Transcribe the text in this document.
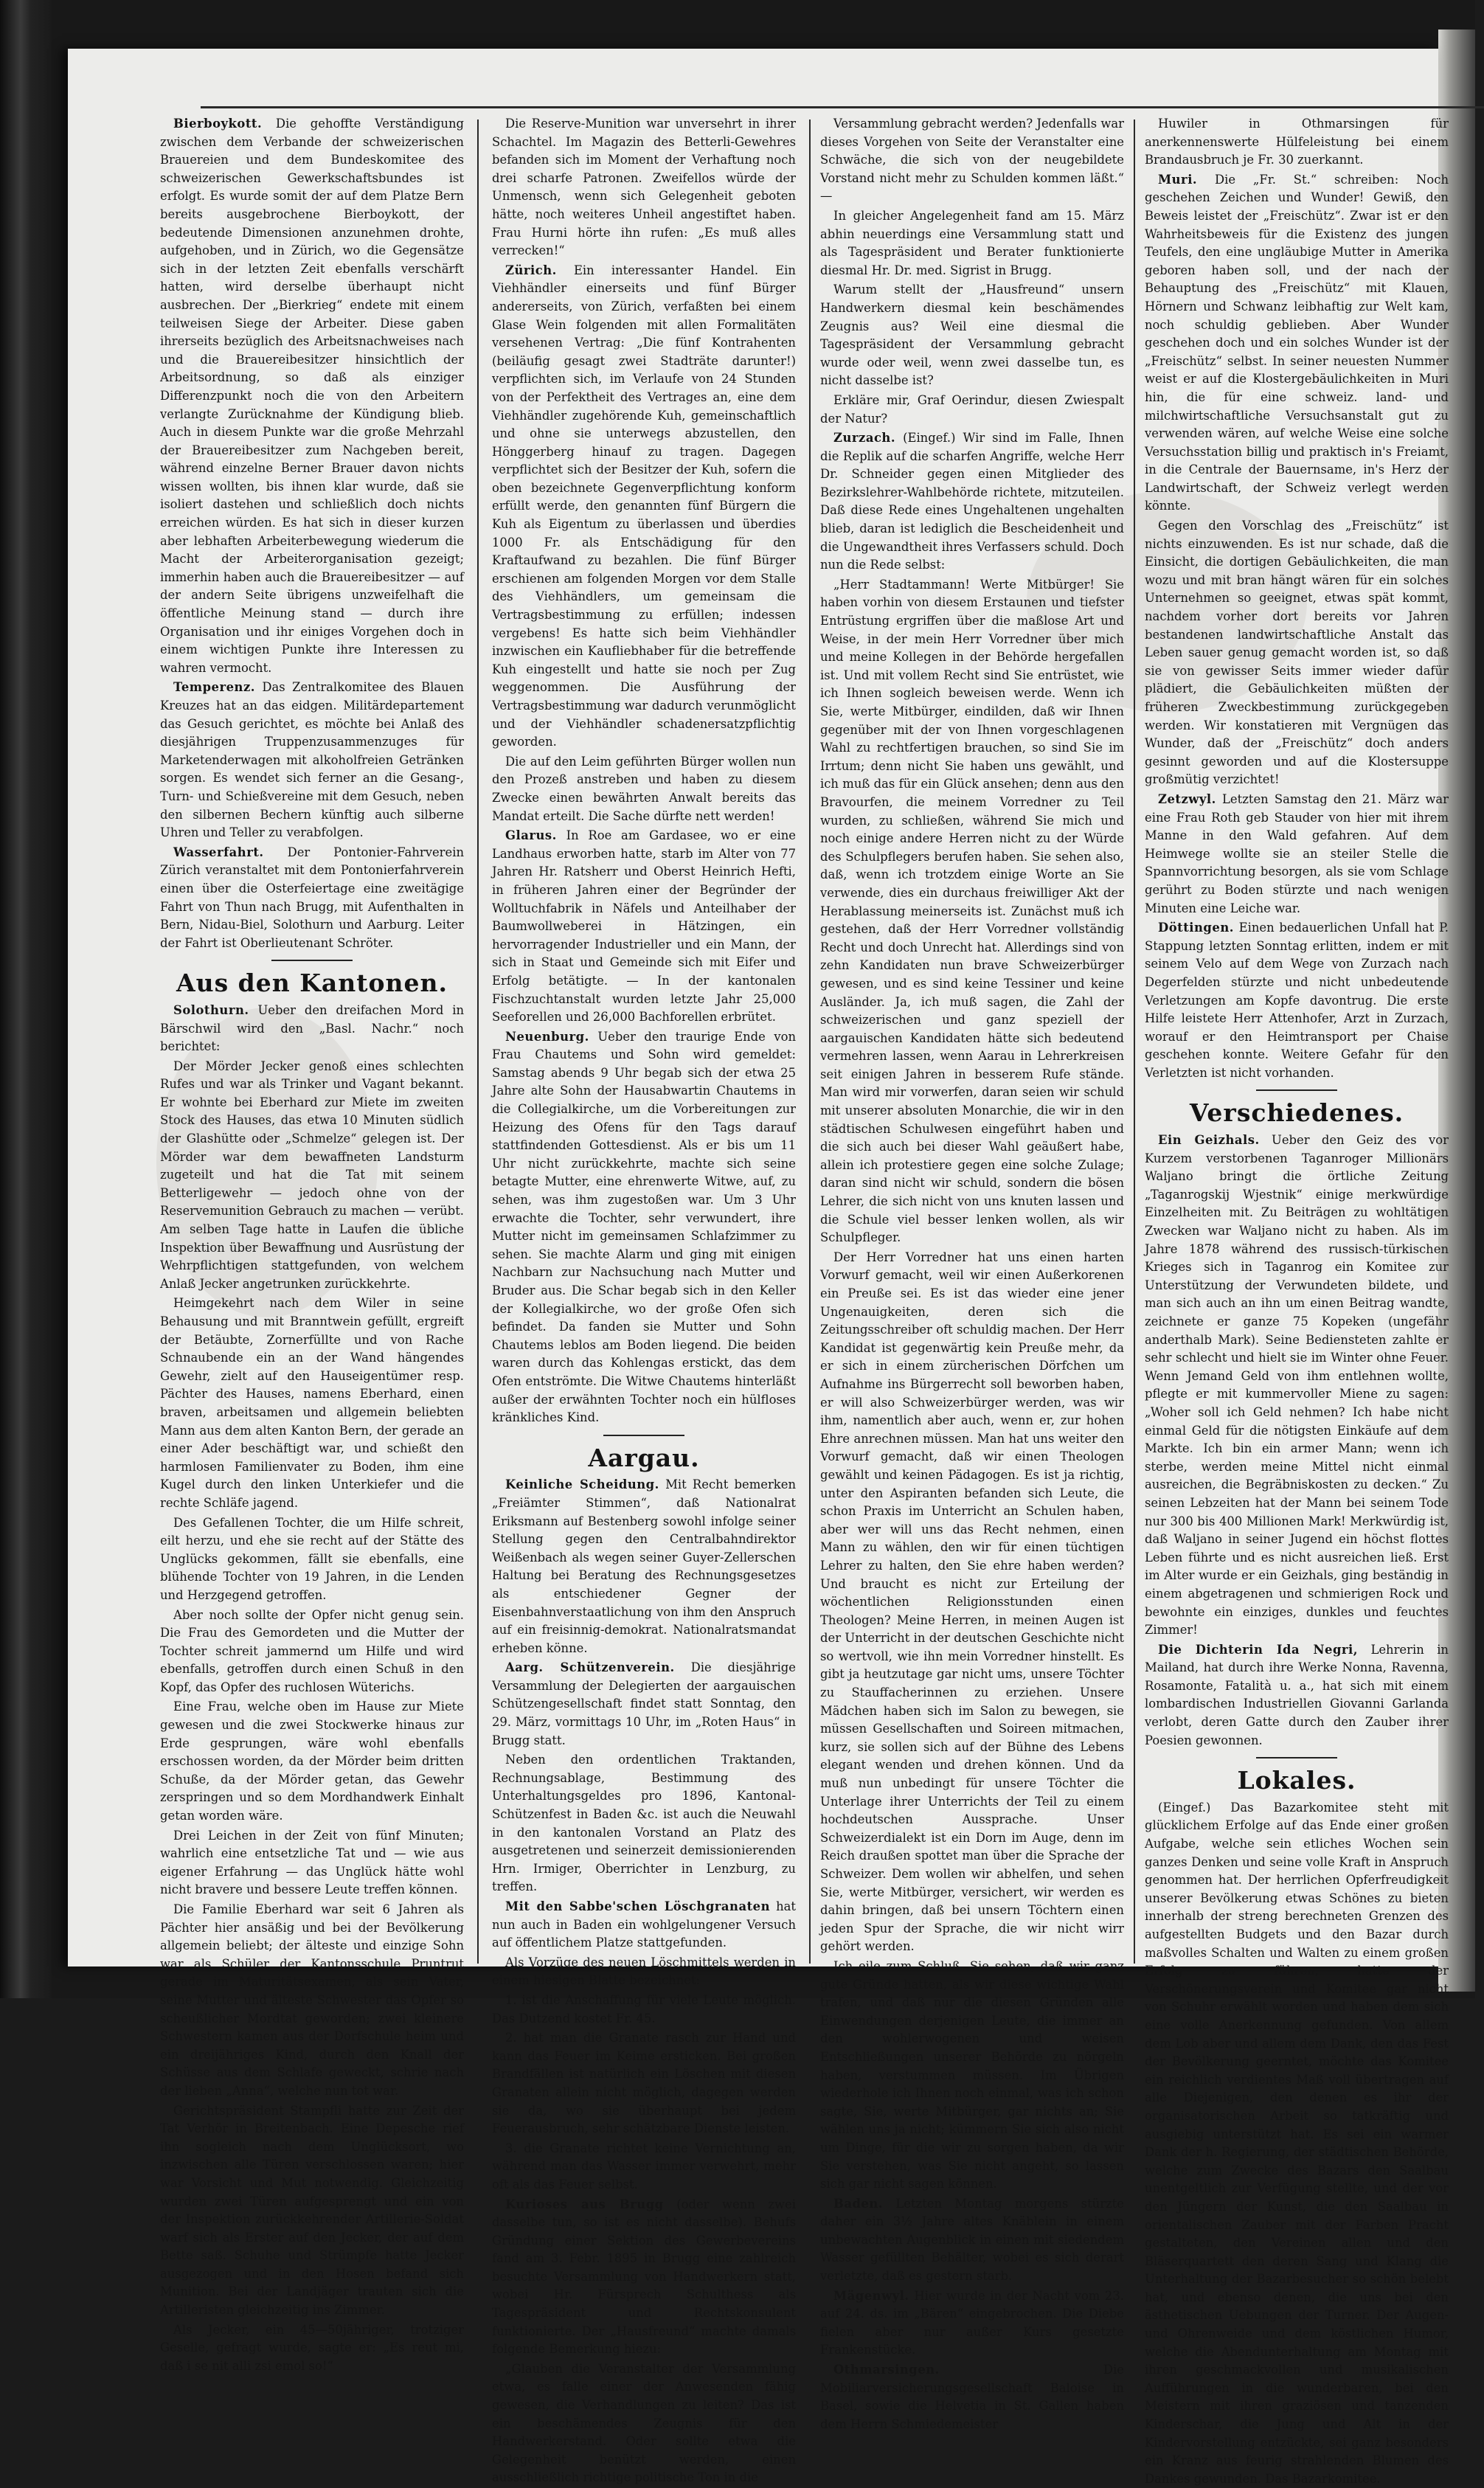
Bierboykott. Die gehoffte Verständigung zwischen dem Verbande der schweizerischen Brauereien und dem Bundeskomitee des schweizerischen Gewerkschaftsbundes ist erfolgt. Es wurde somit der auf dem Platze Bern bereits ausgebrochene Bierboykott, der bedeutende Dimensionen anzunehmen drohte, aufgehoben, und in Zürich, wo die Gegensätze sich in der letzten Zeit ebenfalls verschärft hatten, wird derselbe überhaupt nicht ausbrechen. Der „Bierkrieg“ endete mit einem teilweisen Siege der Arbeiter. Diese gaben ihrerseits bezüglich des Arbeitsnachweises nach und die Brauereibesitzer hinsichtlich der Arbeitsordnung, so daß als einziger Differenzpunkt noch die von den Arbeitern verlangte Zurücknahme der Kündigung blieb. Auch in diesem Punkte war die große Mehrzahl der Brauereibesitzer zum Nachgeben bereit, während einzelne Berner Brauer davon nichts wissen wollten, bis ihnen klar wurde, daß sie isoliert dastehen und schließlich doch nichts erreichen würden. Es hat sich in dieser kurzen aber lebhaften Arbeiterbewegung wiederum die Macht der Arbeiterorganisation gezeigt; immerhin haben auch die Brauereibesitzer — auf der andern Seite übrigens unzweifelhaft die öffentliche Meinung stand — durch ihre Organisation und ihr einiges Vorgehen doch in einem wichtigen Punkte ihre Interessen zu wahren vermocht.

Temperenz. Das Zentralkomitee des Blauen Kreuzes hat an das eidgen. Militärdepartement das Gesuch gerichtet, es möchte bei Anlaß des diesjährigen Truppenzusammenzuges für Marketenderwagen mit alkoholfreien Getränken sorgen. Es wendet sich ferner an die Gesang-, Turn- und Schießvereine mit dem Gesuch, neben den silbernen Bechern künftig auch silberne Uhren und Teller zu verabfolgen.

Wasserfahrt. Der Pontonier-Fahrverein Zürich veranstaltet mit dem Pontonierfahrverein einen über die Osterfeiertage eine zweitägige Fahrt von Thun nach Brugg, mit Aufenthalten in Bern, Nidau-Biel, Solothurn und Aarburg. Leiter der Fahrt ist Oberlieutenant Schröter.

Aus den Kantonen.

Solothurn. Ueber den dreifachen Mord in Bärschwil wird den „Basl. Nachr.“ noch berichtet:

Der Mörder Jecker genoß eines schlechten Rufes und war als Trinker und Vagant bekannt. Er wohnte bei Eberhard zur Miete im zweiten Stock des Hauses, das etwa 10 Minuten südlich der Glashütte oder „Schmelze“ gelegen ist. Der Mörder war dem bewaffneten Landsturm zugeteilt und hat die Tat mit seinem Betterligewehr — jedoch ohne von der Reservemunition Gebrauch zu machen — verübt. Am selben Tage hatte in Laufen die übliche Inspektion über Bewaffnung und Ausrüstung der Wehrpflichtigen stattgefunden, von welchem Anlaß Jecker angetrunken zurückkehrte.

Heimgekehrt nach dem Wiler in seine Behausung und mit Branntwein gefüllt, ergreift der Betäubte, Zornerfüllte und von Rache Schnaubende ein an der Wand hängendes Gewehr, zielt auf den Hauseigentümer resp. Pächter des Hauses, namens Eberhard, einen braven, arbeitsamen und allgemein beliebten Mann aus dem alten Kanton Bern, der gerade an einer Ader beschäftigt war, und schießt den harmlosen Familienvater zu Boden, ihm eine Kugel durch den linken Unterkiefer und die rechte Schläfe jagend.

Des Gefallenen Tochter, die um Hilfe schreit, eilt herzu, und ehe sie recht auf der Stätte des Unglücks gekommen, fällt sie ebenfalls, eine blühende Tochter von 19 Jahren, in die Lenden und Herzgegend getroffen.

Aber noch sollte der Opfer nicht genug sein. Die Frau des Gemordeten und die Mutter der Tochter schreit jammernd um Hilfe und wird ebenfalls, getroffen durch einen Schuß in den Kopf, das Opfer des ruchlosen Wüterichs.

Eine Frau, welche oben im Hause zur Miete gewesen und die zwei Stockwerke hinaus zur Erde gesprungen, wäre wohl ebenfalls erschossen worden, da der Mörder beim dritten Schuße, da der Mörder getan, das Gewehr zerspringen und so dem Mordhandwerk Einhalt getan worden wäre.

Drei Leichen in der Zeit von fünf Minuten; wahrlich eine entsetzliche Tat und — wie aus eigener Erfahrung — das Unglück hätte wohl nicht bravere und bessere Leute treffen können.

Die Familie Eberhard war seit 6 Jahren als Pächter hier ansäßig und bei der Bevölkerung allgemein beliebt; der älteste und einzige Sohn war als Schüler der Kantonsschule Pruntrut gerade im Maturitätsexamen, als sein Vater, seine Mutter und älteste Schwester das Opfer so scheußlicher Mordtat geworden; zwei kleinere Schwestern kamen aus der Dorfschule heim und ein dreijähriges Kind, durch den Knall der Schüsse aus dem Schlafe geweckt, schrie nach der lieben „Anna“, welche nun tot war.

Gerichtspräsident Stampfli hatte zur Zeit der Tat Verhör in Breitenbach. Eine Depesche rief ihn sogleich nach dem Unglücksort, wo inzwischen alle Türen verschlossen waren; hier war Vorsicht und Mut notwendig. Gleichzeitig wurden zwei Türen aufgesprengt und ein von der Inspektion zurückkehrender Artillerie-Soldat warf sich als Erster auf den Jecker, der auf dem Bette saß. Schuhe und Strümpfe hatte Jecker ausgezogen und in den Hosen befand sich Munition. Bei der Landjäger trauten sich die Artilleristen gleichzeitig ins Zimmer.

Als Jecker, ein 45—50jähriger, trotziger Geselle, gefragt wurde, sagte er: „Es reut mi, daß i se nit alli zsi emol so!“

Die Reserve-Munition war unversehrt in ihrer Schachtel. Im Magazin des Betterli-Gewehres befanden sich im Moment der Verhaftung noch drei scharfe Patronen. Zweifellos würde der Unmensch, wenn sich Gelegenheit geboten hätte, noch weiteres Unheil angestiftet haben. Frau Hurni hörte ihn rufen: „Es muß alles verrecken!“

Zürich. Ein interessanter Handel. Ein Viehhändler einerseits und fünf Bürger andererseits, von Zürich, verfaßten bei einem Glase Wein folgenden mit allen Formalitäten versehenen Vertrag: „Die fünf Kontrahenten (beiläufig gesagt zwei Stadträte darunter!) verpflichten sich, im Verlaufe von 24 Stunden von der Perfektheit des Vertrages an, eine dem Viehhändler zugehörende Kuh, gemeinschaftlich und ohne sie unterwegs abzustellen, den Hönggerberg hinauf zu tragen. Dagegen verpflichtet sich der Besitzer der Kuh, sofern die oben bezeichnete Gegenverpflichtung konform erfüllt werde, den genannten fünf Bürgern die Kuh als Eigentum zu überlassen und überdies 1000 Fr. als Entschädigung für den Kraftaufwand zu bezahlen. Die fünf Bürger erschienen am folgenden Morgen vor dem Stalle des Viehhändlers, um gemeinsam die Vertragsbestimmung zu erfüllen; indessen vergebens! Es hatte sich beim Viehhändler inzwischen ein Kaufliebhaber für die betreffende Kuh eingestellt und hatte sie noch per Zug weggenommen. Die Ausführung der Vertragsbestimmung war dadurch verunmöglicht und der Viehhändler schadenersatzpflichtig geworden.

Die auf den Leim geführten Bürger wollen nun den Prozeß anstreben und haben zu diesem Zwecke einen bewährten Anwalt bereits das Mandat erteilt. Die Sache dürfte nett werden!

Glarus. In Roe am Gardasee, wo er eine Landhaus erworben hatte, starb im Alter von 77 Jahren Hr. Ratsherr und Oberst Heinrich Hefti, in früheren Jahren einer der Begründer der Wolltuchfabrik in Näfels und Anteilhaber der Baumwollweberei in Hätzingen, ein hervorragender Industrieller und ein Mann, der sich in Staat und Gemeinde sich mit Eifer und Erfolg betätigte. — In der kantonalen Fischzuchtanstalt wurden letzte Jahr 25,000 Seeforellen und 26,000 Bachforellen erbrütet.

Neuenburg. Ueber den traurige Ende von Frau Chautems und Sohn wird gemeldet: Samstag abends 9 Uhr begab sich der etwa 25 Jahre alte Sohn der Hausabwartin Chautems in die Collegialkirche, um die Vorbereitungen zur Heizung des Ofens für den Tags darauf stattfindenden Gottesdienst. Als er bis um 11 Uhr nicht zurückkehrte, machte sich seine betagte Mutter, eine ehrenwerte Witwe, auf, zu sehen, was ihm zugestoßen war. Um 3 Uhr erwachte die Tochter, sehr verwundert, ihre Mutter nicht im gemeinsamen Schlafzimmer zu sehen. Sie machte Alarm und ging mit einigen Nachbarn zur Nachsuchung nach Mutter und Bruder aus. Die Schar begab sich in den Keller der Kollegialkirche, wo der große Ofen sich befindet. Da fanden sie Mutter und Sohn Chautems leblos am Boden liegend. Die beiden waren durch das Kohlengas erstickt, das dem Ofen entströmte. Die Witwe Chautems hinterläßt außer der erwähnten Tochter noch ein hülfloses kränkliches Kind.

Aargau.

Keinliche Scheidung. Mit Recht bemerken „Freiämter Stimmen“, daß Nationalrat Eriksmann auf Bestenberg sowohl infolge seiner Stellung gegen den Centralbahndirektor Weißenbach als wegen seiner Guyer-Zellerschen Haltung bei Beratung des Rechnungsgesetzes als entschiedener Gegner der Eisenbahnverstaatlichung von ihm den Anspruch auf ein freisinnig-demokrat. Nationalratsmandat erheben könne.

Aarg. Schützenverein. Die diesjährige Versammlung der Delegierten der aargauischen Schützengesellschaft findet statt Sonntag, den 29. März, vormittags 10 Uhr, im „Roten Haus“ in Brugg statt.

Neben den ordentlichen Traktanden, Rechnungsablage, Bestimmung des Unterhaltungsgeldes pro 1896, Kantonal-Schützenfest in Baden &c. ist auch die Neuwahl in den kantonalen Vorstand an Platz des ausgetretenen und seinerzeit demissionierenden Hrn. Irmiger, Oberrichter in Lenzburg, zu treffen.

Mit den Sabbe'schen Löschgranaten hat nun auch in Baden ein wohlgelungener Versuch auf öffentlichem Platze stattgefunden.

Als Vorzüge des neuen Löschmittels werden in einem hiesigen Blatte bezeichnet:

1. ist die Anschaffung für viele Leute möglich. Das Dutzend kostet Fr. 45.

2. hat man die Granate rasch zur Hand und kann das Feuer im Keime ersticken. Bei großen Brandfällen ist natürlich ein Löschen mit diesen Granaten allein nicht möglich, dagegen werden sie da, wo sie überhaupt bei jedem Feuerausbruch, sehr schätzbare Dienste leisten.

3. die Granate richtet keine Vernichtung an, während man das Wasser immer verwehrt, mehr oft als das Feuer selbst.

Kurioses aus Brugg (oder wenn zwei dasselbe tun, so ist es nicht dasselbe). Behufs Gründung einer Sektion des Gewerbevereins fand am 3. Febr. 1895 in Brugg eine zahlreich besuchte Versammlung von Handwerkern statt, wobei Hr. Fürsprech Schulthess als Tagespräsident und Rechtskonsulent funktionierte. Der „Hausfreund“ machte damals folgende Bemerkung hiezu:

„Glauben die Veranstalter der Versammlung etwa, es falle einer der Anwesenden fähig gewesen, die Verhandlungen zu leiten? Das ist ein beschämendes Zeugnis für den Handwerkerstand. Oder sollte etwa die Gelegenheit benützt werden, einen ausschließlich richtige politische Ton in die

Versammlung gebracht werden? Jedenfalls war dieses Vorgehen von Seite der Veranstalter eine Schwäche, die sich von der neugebildete Vorstand nicht mehr zu Schulden kommen läßt.“ —

In gleicher Angelegenheit fand am 15. März abhin neuerdings eine Versammlung statt und als Tagespräsident und Berater funktionierte diesmal Hr. Dr. med. Sigrist in Brugg.

Warum stellt der „Hausfreund“ unsern Handwerkern diesmal kein beschämendes Zeugnis aus? Weil eine diesmal die Tagespräsident der Versammlung gebracht wurde oder weil, wenn zwei dasselbe tun, es nicht dasselbe ist?

Erkläre mir, Graf Oerindur, diesen Zwiespalt der Natur?

Zurzach. (Eingef.) Wir sind im Falle, Ihnen die Replik auf die scharfen Angriffe, welche Herr Dr. Schneider gegen einen Mitglieder des Bezirkslehrer-Wahlbehörde richtete, mitzuteilen. Daß diese Rede eines Ungehaltenen ungehalten blieb, daran ist lediglich die Bescheidenheit und die Ungewandtheit ihres Verfassers schuld. Doch nun die Rede selbst:

„Herr Stadtammann! Werte Mitbürger! Sie haben vorhin von diesem Erstaunen und tiefster Entrüstung ergriffen über die maßlose Art und Weise, in der mein Herr Vorredner über mich und meine Kollegen in der Behörde hergefallen ist. Und mit vollem Recht sind Sie entrüstet, wie ich Ihnen sogleich beweisen werde. Wenn ich Sie, werte Mitbürger, eindilden, daß wir Ihnen gegenüber mit der von Ihnen vorgeschlagenen Wahl zu rechtfertigen brauchen, so sind Sie im Irrtum; denn nicht Sie haben uns gewählt, und ich muß das für ein Glück ansehen; denn aus den Bravourfen, die meinem Vorredner zu Teil wurden, zu schließen, während Sie mich und noch einige andere Herren nicht zu der Würde des Schulpflegers berufen haben. Sie sehen also, daß, wenn ich trotzdem einige Worte an Sie verwende, dies ein durchaus freiwilliger Akt der Herablassung meinerseits ist. Zunächst muß ich gestehen, daß der Herr Vorredner vollständig Recht und doch Unrecht hat. Allerdings sind von zehn Kandidaten nun brave Schweizerbürger gewesen, und es sind keine Tessiner und keine Ausländer. Ja, ich muß sagen, die Zahl der schweizerischen und ganz speziell der aargauischen Kandidaten hätte sich bedeutend vermehren lassen, wenn Aarau in Lehrerkreisen seit einigen Jahren in besserem Rufe stände. Man wird mir vorwerfen, daran seien wir schuld mit unserer absoluten Monarchie, die wir in den städtischen Schulwesen eingeführt haben und die sich auch bei dieser Wahl geäußert habe, allein ich protestiere gegen eine solche Zulage; daran sind nicht wir schuld, sondern die bösen Lehrer, die sich nicht von uns knuten lassen und die Schule viel besser lenken wollen, als wir Schulpfleger.

Der Herr Vorredner hat uns einen harten Vorwurf gemacht, weil wir einen Außerkorenen ein Preuße sei. Es ist das wieder eine jener Ungenauigkeiten, deren sich die Zeitungsschreiber oft schuldig machen. Der Herr Kandidat ist gegenwärtig kein Preuße mehr, da er sich in einem zürcherischen Dörfchen um Aufnahme ins Bürgerrecht soll beworben haben, er will also Schweizerbürger werden, was wir ihm, namentlich aber auch, wenn er, zur hohen Ehre anrechnen müssen. Man hat uns weiter den Vorwurf gemacht, daß wir einen Theologen gewählt und keinen Pädagogen. Es ist ja richtig, unter den Aspiranten befanden sich Leute, die schon Praxis im Unterricht an Schulen haben, aber wer will uns das Recht nehmen, einen Mann zu wählen, den wir für einen tüchtigen Lehrer zu halten, den Sie ehre haben werden? Und braucht es nicht zur Erteilung der wöchentlichen Religionsstunden einen Theologen? Meine Herren, in meinen Augen ist der Unterricht in der deutschen Geschichte nicht so wertvoll, wie ihn mein Vorredner hinstellt. Es gibt ja heutzutage gar nicht ums, unsere Töchter zu Stauffacherinnen zu erziehen. Unsere Mädchen haben sich im Salon zu bewegen, sie müssen Gesellschaften und Soireen mitmachen, kurz, sie sollen sich auf der Bühne des Lebens elegant wenden und drehen können. Und da muß nun unbedingt für unsere Töchter die Unterlage ihrer Unterrichts der Teil zu einem hochdeutschen Aussprache. Unser Schweizerdialekt ist ein Dorn im Auge, denn im Reich draußen spottet man über die Sprache der Schweizer. Dem wollen wir abhelfen, und sehen Sie, werte Mitbürger, versichert, wir werden es dahin bringen, daß bei unsern Töchtern einen jeden Spur der Sprache, die wir nicht wirr gehört werden.

Ich eile zum Schluß. Sie sehen, daß wir ganz gute Gründe hatten, als wir diese wichtige Wahl trafen, und daß nur die diesen Gründen alle Einwendungen derjenigen Leute, die immer an den wohlerwogenen und weisen Entschließungen unserer Behörde zu nörgeln haben, verstummen müssen. Im Übrigen wiederhole ich Ihnen noch einmal, was ich schon sagte, Sie, werte Mitbürger, gar nichts an; Sie wählen uns ja nicht; kümmern Sie sich also nicht um Dinge, für die wir zu sorgen haben, da wir Sie verstehen, was Sie nicht angeht, so lassen sich gar nicht sagen können.

Baden. Letzten Montag morgens stürzte daher ein 3½ Jahre altes Knäblein in einem unbewachten Augenblick in einen mit siedendem Wasser gefüllten Behälter, wobei es sich derart verletzte, daß es gestern starb.

Mägenwyl. Hier wurde in der Nacht vom 23. auf 24. ds. im „Bären“ eingebrochen. Die Diebe fielen aber nur außer Kurs gesetzte Frankenstücke.

Othmarsingen.	Die Mobiliarversicherungsgesellschaft Baloise in Basel, sowie die Helvetia in St. Gallen haben dem Herrn Schmiedemeister

Huwiler in Othmarsingen für anerkennenswerte Hülfeleistung bei einem Brandausbruch je Fr. 30 zuerkannt.

Muri. Die „Fr. St.“ schreiben: Noch geschehen Zeichen und Wunder! Gewiß, den Beweis leistet der „Freischütz“. Zwar ist er den Wahrheitsbeweis für die Existenz des jungen Teufels, den eine ungläubige Mutter in Amerika geboren haben soll, und der nach der Behauptung des „Freischütz“ mit Klauen, Hörnern und Schwanz leibhaftig zur Welt kam, noch schuldig geblieben. Aber Wunder geschehen doch und ein solches Wunder ist der „Freischütz“ selbst. In seiner neuesten Nummer weist er auf die Klostergebäulichkeiten in Muri hin, die für eine schweiz. land- und milchwirtschaftliche Versuchsanstalt gut zu verwenden wären, auf welche Weise eine solche Versuchsstation billig und praktisch in's Freiamt, in die Centrale der Bauernsame, in's Herz der Landwirtschaft, der Schweiz verlegt werden könnte.

Gegen den Vorschlag des „Freischütz“ ist nichts einzuwenden. Es ist nur schade, daß die Einsicht, die dortigen Gebäulichkeiten, die man wozu und mit bran hängt wären für ein solches Unternehmen so geeignet, etwas spät kommt, nachdem vorher dort bereits vor Jahren bestandenen landwirtschaftliche Anstalt das Leben sauer genug gemacht worden ist, so daß sie von gewisser Seits immer wieder dafür plädiert, die Gebäulichkeiten müßten der früheren Zweckbestimmung zurückgegeben werden. Wir konstatieren mit Vergnügen das Wunder, daß der „Freischütz“ doch anders gesinnt geworden und auf die Klostersuppe großmütig verzichtet!

Zetzwyl. Letzten Samstag den 21. März war eine Frau Roth geb Stauder von hier mit ihrem Manne in den Wald gefahren. Auf dem Heimwege wollte sie an steiler Stelle die Spannvorrichtung besorgen, als sie vom Schlage gerührt zu Boden stürzte und nach wenigen Minuten eine Leiche war.

Döttingen. Einen bedauerlichen Unfall hat P. Stappung letzten Sonntag erlitten, indem er mit seinem Velo auf dem Wege von Zurzach nach Degerfelden stürzte und nicht unbedeutende Verletzungen am Kopfe davontrug. Die erste Hilfe leistete Herr Attenhofer, Arzt in Zurzach, worauf er den Heimtransport per Chaise geschehen konnte. Weitere Gefahr für den Verletzten ist nicht vorhanden.

Verschiedenes.

Ein Geizhals. Ueber den Geiz des vor Kurzem verstorbenen Taganroger Millionärs Waljano bringt die örtliche Zeitung „Taganrogskij Wjestnik“ einige merkwürdige Einzelheiten mit. Zu Beiträgen zu wohltätigen Zwecken war Waljano nicht zu haben. Als im Jahre 1878 während des russisch-türkischen Krieges sich in Taganrog ein Komitee zur Unterstützung der Verwundeten bildete, und man sich auch an ihn um einen Beitrag wandte, zeichnete er ganze 75 Kopeken (ungefähr anderthalb Mark). Seine Bediensteten zahlte er sehr schlecht und hielt sie im Winter ohne Feuer. Wenn Jemand Geld von ihm entlehnen wollte, pflegte er mit kummervoller Miene zu sagen: „Woher soll ich Geld nehmen? Ich habe nicht einmal Geld für die nötigsten Einkäufe auf dem Markte. Ich bin ein armer Mann; wenn ich sterbe, werden meine Mittel nicht einmal ausreichen, die Begräbniskosten zu decken.“ Zu seinen Lebzeiten hat der Mann bei seinem Tode nur 300 bis 400 Millionen Mark! Merkwürdig ist, daß Waljano in seiner Jugend ein höchst flottes Leben führte und es nicht ausreichen ließ. Erst im Alter wurde er ein Geizhals, ging beständig in einem abgetragenen und schmierigen Rock und bewohnte ein einziges, dunkles und feuchtes Zimmer!

Die Dichterin Ida Negri, Lehrerin in Mailand, hat durch ihre Werke Nonna, Ravenna, Rosamonte, Fatalità u. a., hat sich mit einem lombardischen Industriellen Giovanni Garlanda verlobt, deren Gatte durch den Zauber ihrer Poesien gewonnen.

Lokales.

(Eingef.) Das Bazarkomitee steht mit glücklichem Erfolge auf das Ende einer großen Aufgabe, welche sein etliches Wochen sein ganzes Denken und seine volle Kraft in Anspruch genommen hat. Der herrlichen Opferfreudigkeit unserer Bevölkerung etwas Schönes zu bieten innerhalb der streng berechneten Grenzen des aufgestellten Budgets und den Bazar durch maßvolles Schalten und Walten zu einem großen Erfolg zu führen, hatte der Verschönerungsverein und Komitee gar nicht von Schuhr erwählt worden und haben dem sich eine volle Anerkennung gefunden. Von allem dem Lob aber und allem dem Dank, den das Fest der Bevölkerung geerntet, möchte das Komitee ein reichlich verdientes Maß voll übertragen auf alle Diejenigen, den denen es ihr der organisatorischen Arbeit so tatkräftig und ausgiebig unterstützt hat. Es sei ein warmer Dank der h. Regierung, der städtischen Behörde, welche zum Zwecke des Bazars den Saalbau unentgeltlich zur Verfügung stellte, und der vor den Jüngern der Kunst, die den Saalbau in orientalischen Zauber mit der Farben Pracht gestalteten, den Vereinen allen und den Bläserquartett den deren Sang und Klang die Unterhaltung der Bazarbesucher so schön belebt hat, und ebenso denen, die uns bei den ästhetischen Uebungen der Turner. Der Augen- und Ohrenweide und dem köstlichen Humor, welche die Abendunterhaltung am Montag mit ihren geschmackvollen und musikalischen Aufführungen in die wunderbaren, bei den Meistern mit ihren graziösen und tanzenden Kinderschar, die Jung und Alt in der Kindervorstellung entzückte, sei ganz besonders ein Kranz aus feurig strahlenden Blumen des Dankes gewunden. Das Bazarkomitee.
